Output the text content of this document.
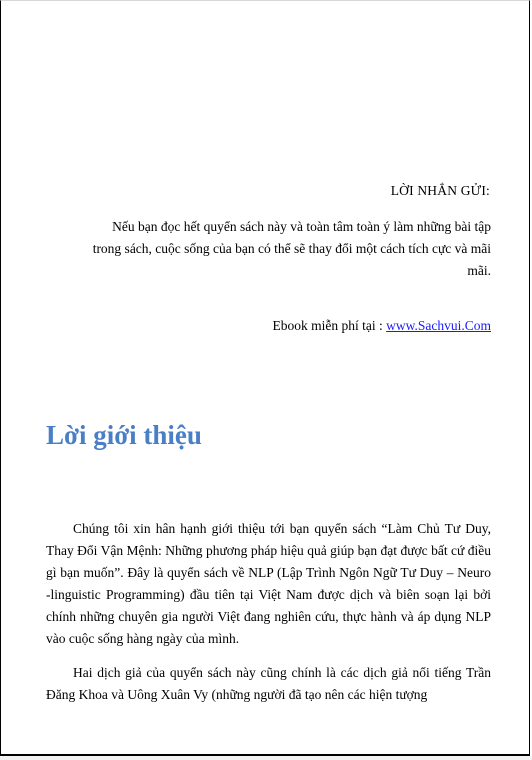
LỜI NHẮN GỬI:
Nếu bạn đọc hết quyển sách này và toàn tâm toàn ý làm những bài tập trong sách, cuộc sống của bạn có thể sẽ thay đổi một cách tích cực và mãi mãi.
Ebook miễn phí tại : www.Sachvui.Com
Lời giới thiệu

Chúng tôi xin hân hạnh giới thiệu tới bạn quyển sách “Làm Chủ Tư Duy, Thay Đổi Vận Mệnh: Những phương pháp hiệu quả giúp bạn đạt được bất cứ điều gì bạn muốn”. Đây là quyển sách về NLP (Lập Trình Ngôn Ngữ Tư Duy – Neuro -linguistic Programming) đầu tiên tại Việt Nam được dịch và biên soạn lại bởi chính những chuyên gia người Việt đang nghiên cứu, thực hành và áp dụng NLP vào cuộc sống hàng ngày của mình.

Hai dịch giả của quyển sách này cũng chính là các dịch giả nổi tiếng Trần Đăng Khoa và Uông Xuân Vy (những người đã tạo nên các hiện tượng
